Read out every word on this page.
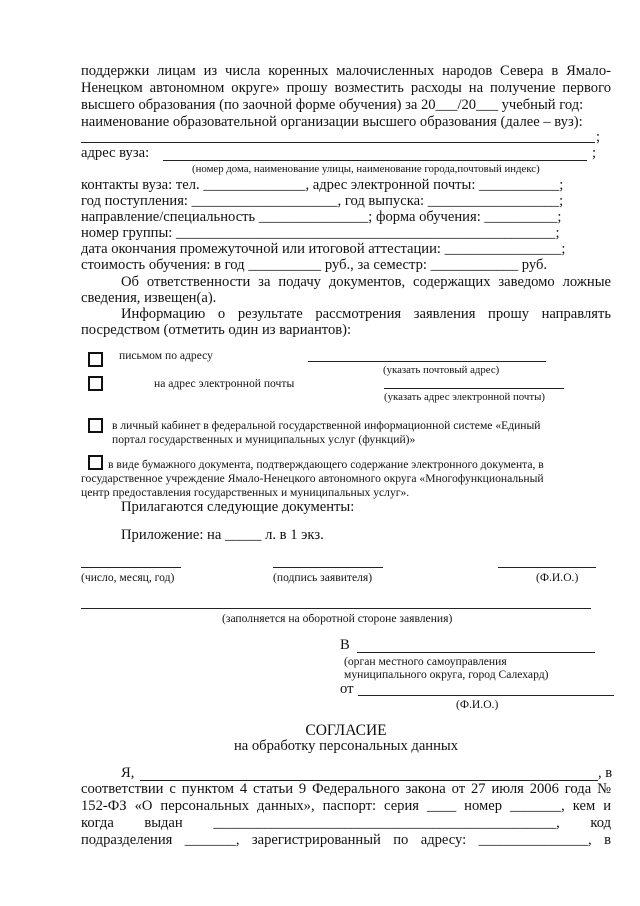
поддержки лицам из числа коренных малочисленных народов Севера в Ямало-
Ненецком автономном округе» прошу возместить расходы на получение первого
высшего образования (по заочной форме обучения) за 20___/20___ учебный год:
наименование образовательной организации высшего образования (далее – вуз):
;
адрес вуза:	;
(номер дома, наименование улицы, наименование города,почтовый индекс)
контакты вуза: тел. ______________, адрес электронной почты: ___________;
год поступления: ____________________, год выпуска: __________________;
направление/специальность _______________; форма обучения: __________;
номер группы: ____________________________________________________;
дата окончания промежуточной или итоговой аттестации: ________________;
стоимость обучения: в год __________ руб., за семестр: ____________ руб.
Об ответственности за подачу документов, содержащих заведомо ложные
сведения, извещен(а).
Информацию о результате рассмотрения заявления прошу направлять
посредством (отметить один из вариантов):
письмом по адресу
(указать почтовый адрес)
на адрес электронной почты
(указать адрес электронной почты)
в личный кабинет в федеральной государственной информационной системе «Единый
портал государственных и муниципальных услуг (функций)»
в виде бумажного документа, подтверждающего содержание электронного документа, в
государственное учреждение Ямало-Ненецкого автономного округа «Многофункциональный
центр предоставления государственных и муниципальных услуг».
Прилагаются следующие документы:
Приложение: на _____ л. в 1 экз.
(число, месяц, год)	(подпись заявителя)	(Ф.И.О.)
(заполняется на оборотной стороне заявления)
В
(орган местного самоуправления
муниципального округа, город Салехард)
от
(Ф.И.О.)
СОГЛАСИЕ
на обработку персональных данных
Я,	, в
соответствии с пунктом 4 статьи 9 Федерального закона от 27 июля 2006 года №
152-ФЗ «О персональных данных», паспорт: серия ____ номер _______, кем и
когда выдан _______________________________________________, код
подразделения _______, зарегистрированный по адресу: _______________, в
